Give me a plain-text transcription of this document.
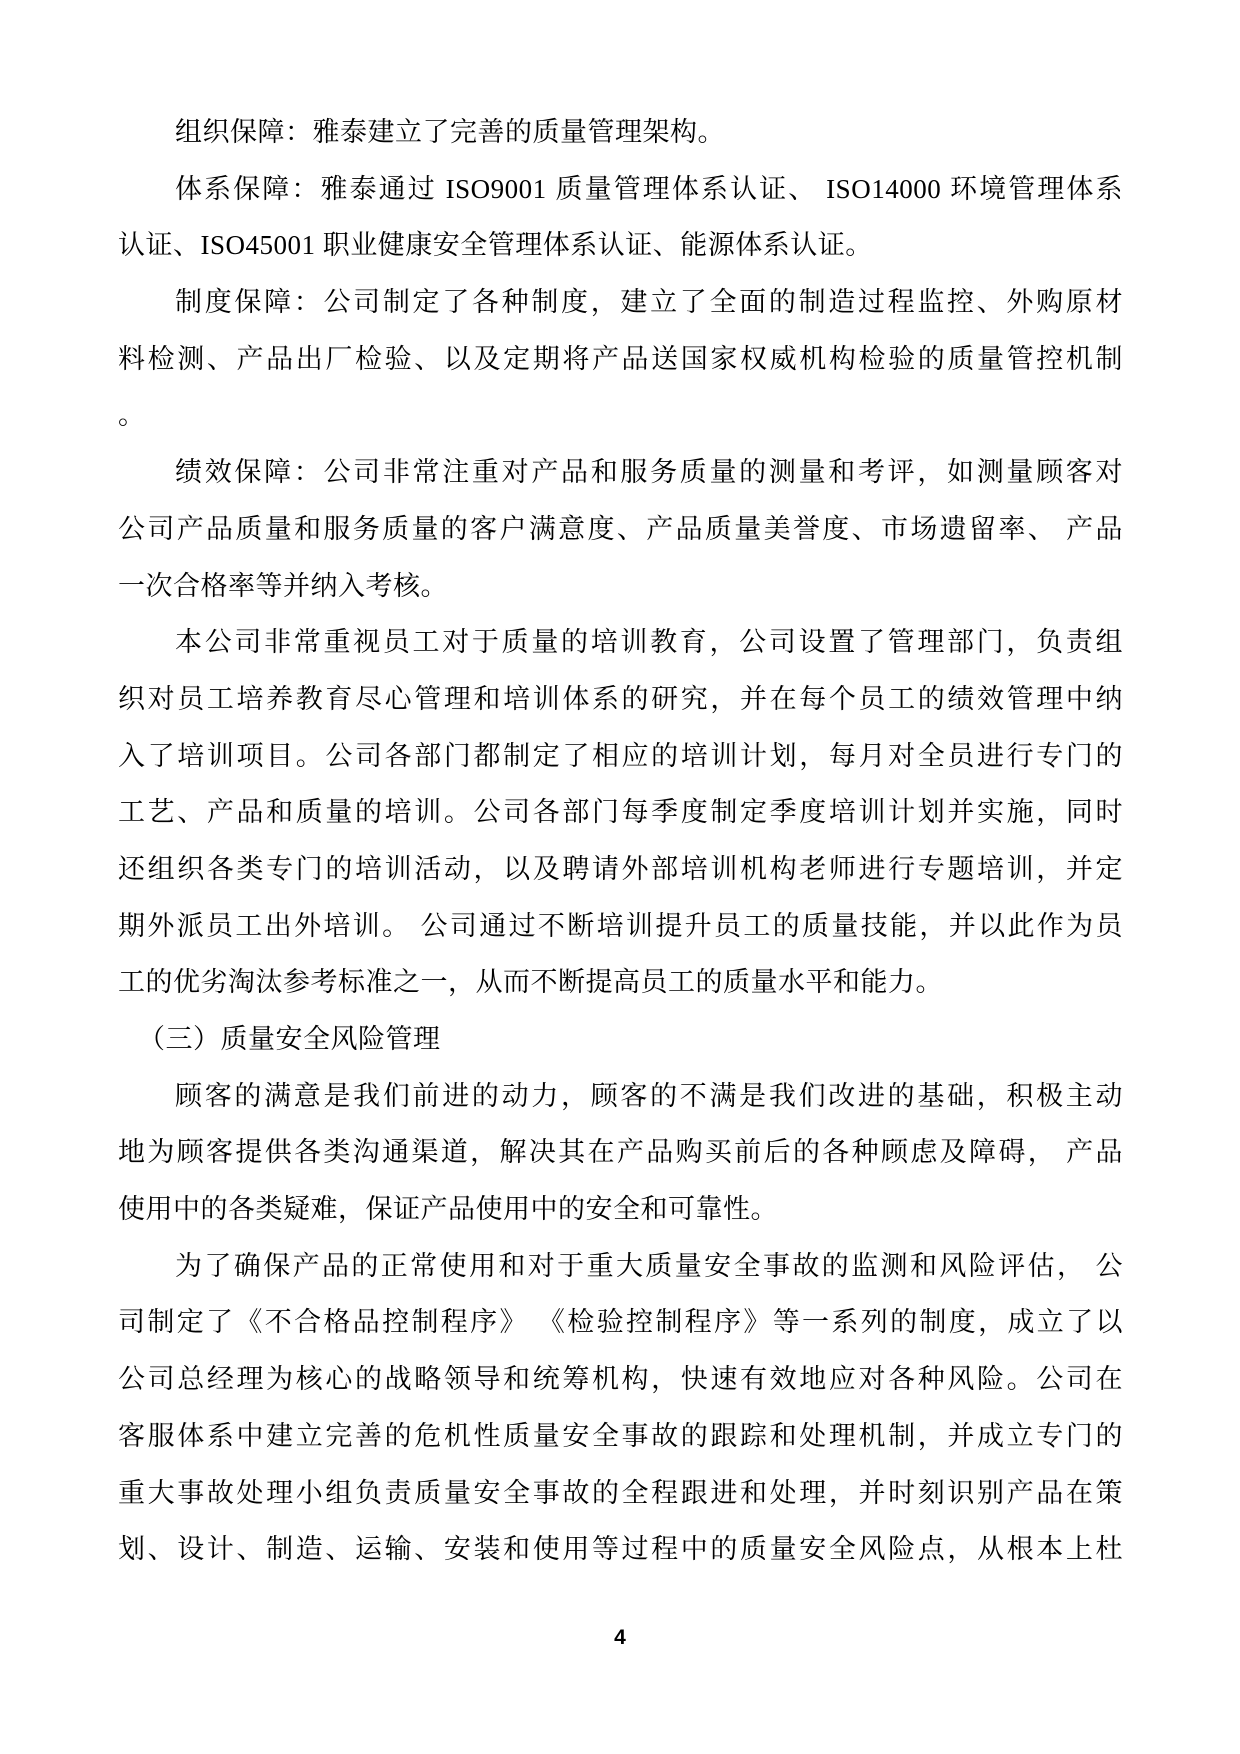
组织保障：雅泰建立了完善的质量管理架构。
体系保障：雅泰通过 ISO9001 质量管理体系认证、 ISO14000 环境管理体系
认证、ISO45001 职业健康安全管理体系认证、能源体系认证。
制度保障：公司制定了各种制度，建立了全面的制造过程监控、外购原材
料检测、产品出厂检验、以及定期将产品送国家权威机构检验的质量管控机制
。
绩效保障：公司非常注重对产品和服务质量的测量和考评，如测量顾客对
公司产品质量和服务质量的客户满意度、产品质量美誉度、市场遗留率、 产品
一次合格率等并纳入考核。
本公司非常重视员工对于质量的培训教育，公司设置了管理部门，负责组
织对员工培养教育尽心管理和培训体系的研究，并在每个员工的绩效管理中纳
入了培训项目。公司各部门都制定了相应的培训计划，每月对全员进行专门的
工艺、产品和质量的培训。公司各部门每季度制定季度培训计划并实施，同时
还组织各类专门的培训活动，以及聘请外部培训机构老师进行专题培训，并定
期外派员工出外培训。 公司通过不断培训提升员工的质量技能，并以此作为员
工的优劣淘汰参考标准之一，从而不断提高员工的质量水平和能力。
（三）质量安全风险管理
顾客的满意是我们前进的动力，顾客的不满是我们改进的基础，积极主动
地为顾客提供各类沟通渠道，解决其在产品购买前后的各种顾虑及障碍， 产品
使用中的各类疑难，保证产品使用中的安全和可靠性。
为了确保产品的正常使用和对于重大质量安全事故的监测和风险评估， 公
司制定了《不合格品控制程序》 《检验控制程序》等一系列的制度，成立了以
公司总经理为核心的战略领导和统筹机构，快速有效地应对各种风险。公司在
客服体系中建立完善的危机性质量安全事故的跟踪和处理机制，并成立专门的
重大事故处理小组负责质量安全事故的全程跟进和处理，并时刻识别产品在策
划、设计、制造、运输、安装和使用等过程中的质量安全风险点，从根本上杜
4
